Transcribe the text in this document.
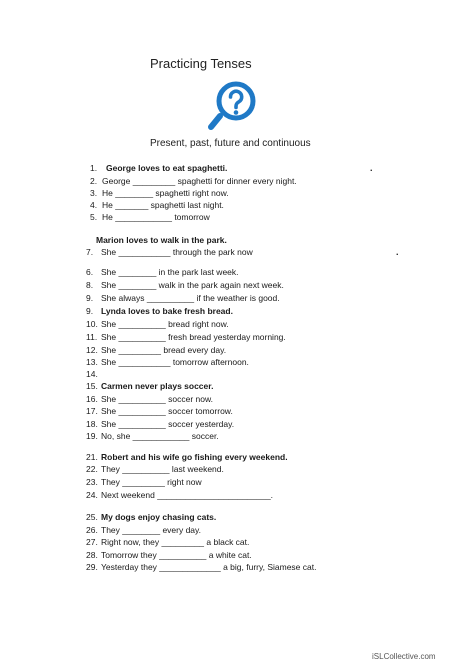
Practicing Tenses
Present, past, future and continuous
1. George loves to eat spaghetti.	.
2. George _________ spaghetti for dinner every night.
3. He ________ spaghetti right now.
4. He _______ spaghetti last night.
5. He ____________ tomorrow
Marion loves to walk in the park.
7. She ___________ through the park now	.
6. She ________ in the park last week.
8. She ________ walk in the park again next week.
9. She always __________ if the weather is good.
9. Lynda loves to bake fresh bread.
10. She __________ bread right now.
11. She __________ fresh bread yesterday morning.
12. She _________ bread every day.
13. She ___________ tomorrow afternoon.
14.
15. Carmen never plays soccer.
16. She __________ soccer now.
17. She __________ soccer tomorrow.
18. She __________ soccer yesterday.
19. No, she ____________ soccer.
21. Robert and his wife go fishing every weekend.
22. They __________ last weekend.
23. They _________ right now
24. Next weekend ________________________.
25. My dogs enjoy chasing cats.
26. They ________ every day.
27. Right now, they _________ a black cat.
28. Tomorrow they __________ a white cat.
29. Yesterday they _____________ a big, furry, Siamese cat.
iSLCollective.com
